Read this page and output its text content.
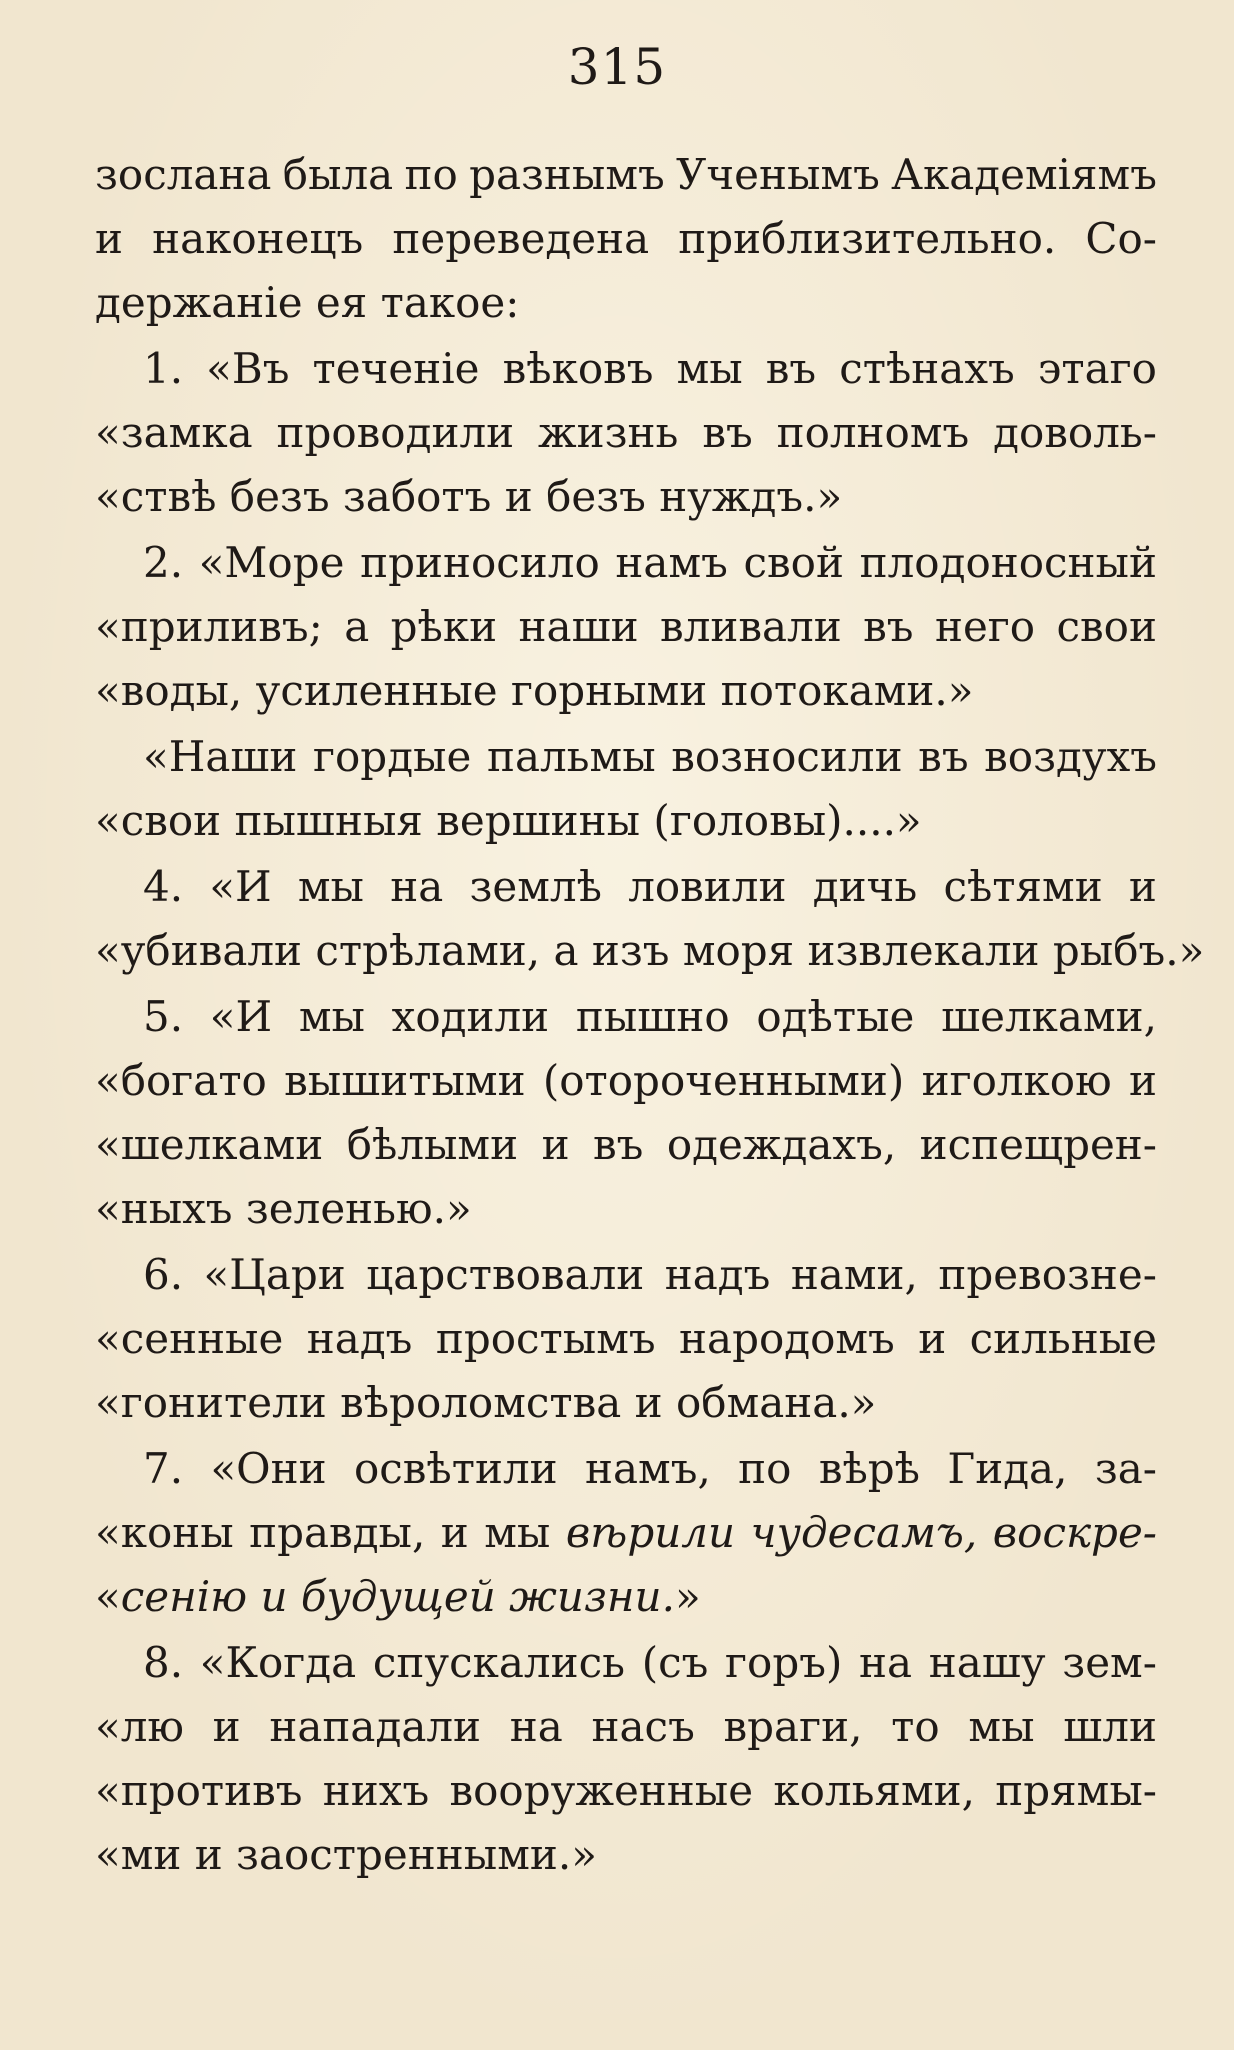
315
зослана была по разнымъ Ученымъ Академіямъ
и наконецъ переведена приблизительно. Со-
держаніе ея такое:
1. «Въ теченіе вѣковъ мы въ стѣнахъ этаго
«замка проводили жизнь въ полномъ доволь-
«ствѣ безъ заботъ и безъ нуждъ.»
2. «Море приносило намъ свой плодоносный
«приливъ; а рѣки наши вливали въ него свои
«воды, усиленные горными потоками.»
«Наши гордые пальмы возносили въ воздухъ
«свои пышныя вершины (головы)....»
4. «И мы на землѣ ловили дичь сѣтями и
«убивали стрѣлами, а изъ моря извлекали рыбъ.»
5. «И мы ходили пышно одѣтые шелками,
«богато вышитыми (отороченными) иголкою и
«шелками бѣлыми и въ одеждахъ, испещрен-
«ныхъ зеленью.»
6. «Цари царствовали надъ нами, превозне-
«сенные надъ простымъ народомъ и сильные
«гонители вѣроломства и обмана.»
7. «Они освѣтили намъ, по вѣрѣ Гида, за-
«коны правды, и мы вѣрили чудесамъ, воскре-
«сенію и будущей жизни.»
8. «Когда спускались (съ горъ) на нашу зем-
«лю и нападали на насъ враги, то мы шли
«противъ нихъ вооруженные кольями, прямы-
«ми и заостренными.»
